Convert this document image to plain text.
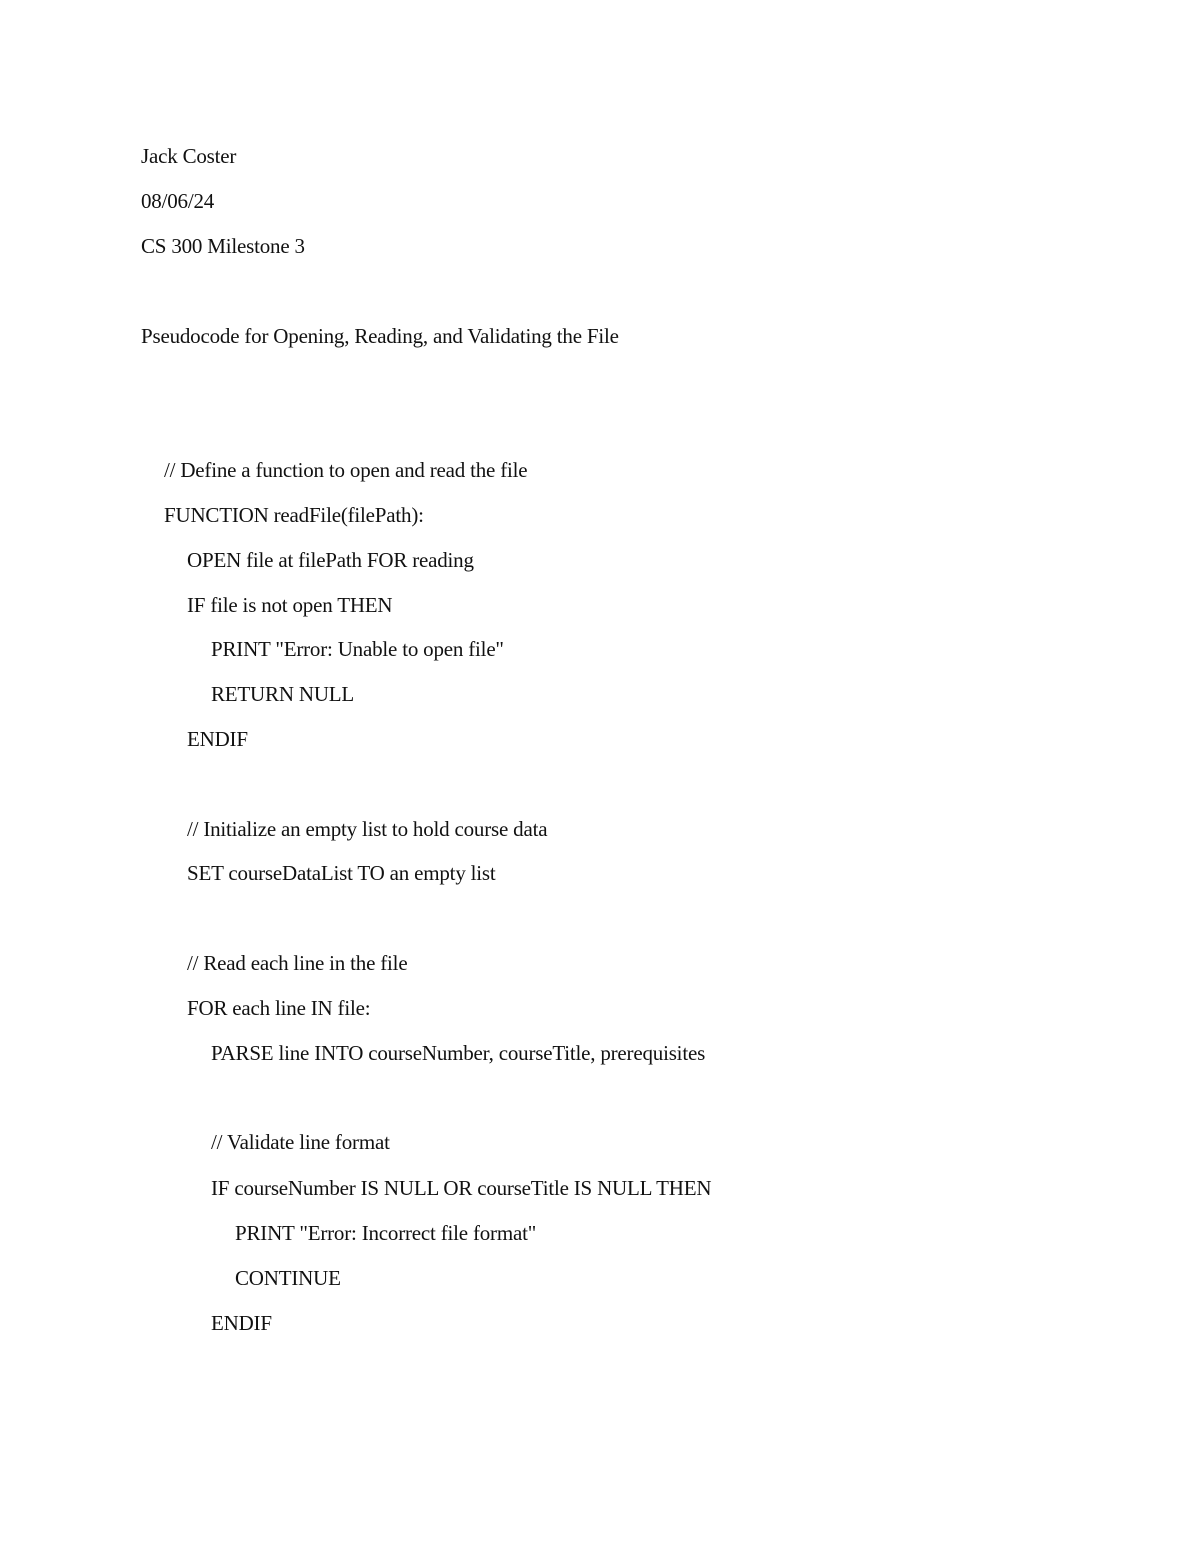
Jack Coster
08/06/24
CS 300 Milestone 3
Pseudocode for Opening, Reading, and Validating the File
// Define a function to open and read the file
FUNCTION readFile(filePath):
OPEN file at filePath FOR reading
IF file is not open THEN
PRINT "Error: Unable to open file"
RETURN NULL
ENDIF
// Initialize an empty list to hold course data
SET courseDataList TO an empty list
// Read each line in the file
FOR each line IN file:
PARSE line INTO courseNumber, courseTitle, prerequisites
// Validate line format
IF courseNumber IS NULL OR courseTitle IS NULL THEN
PRINT "Error: Incorrect file format"
CONTINUE
ENDIF
